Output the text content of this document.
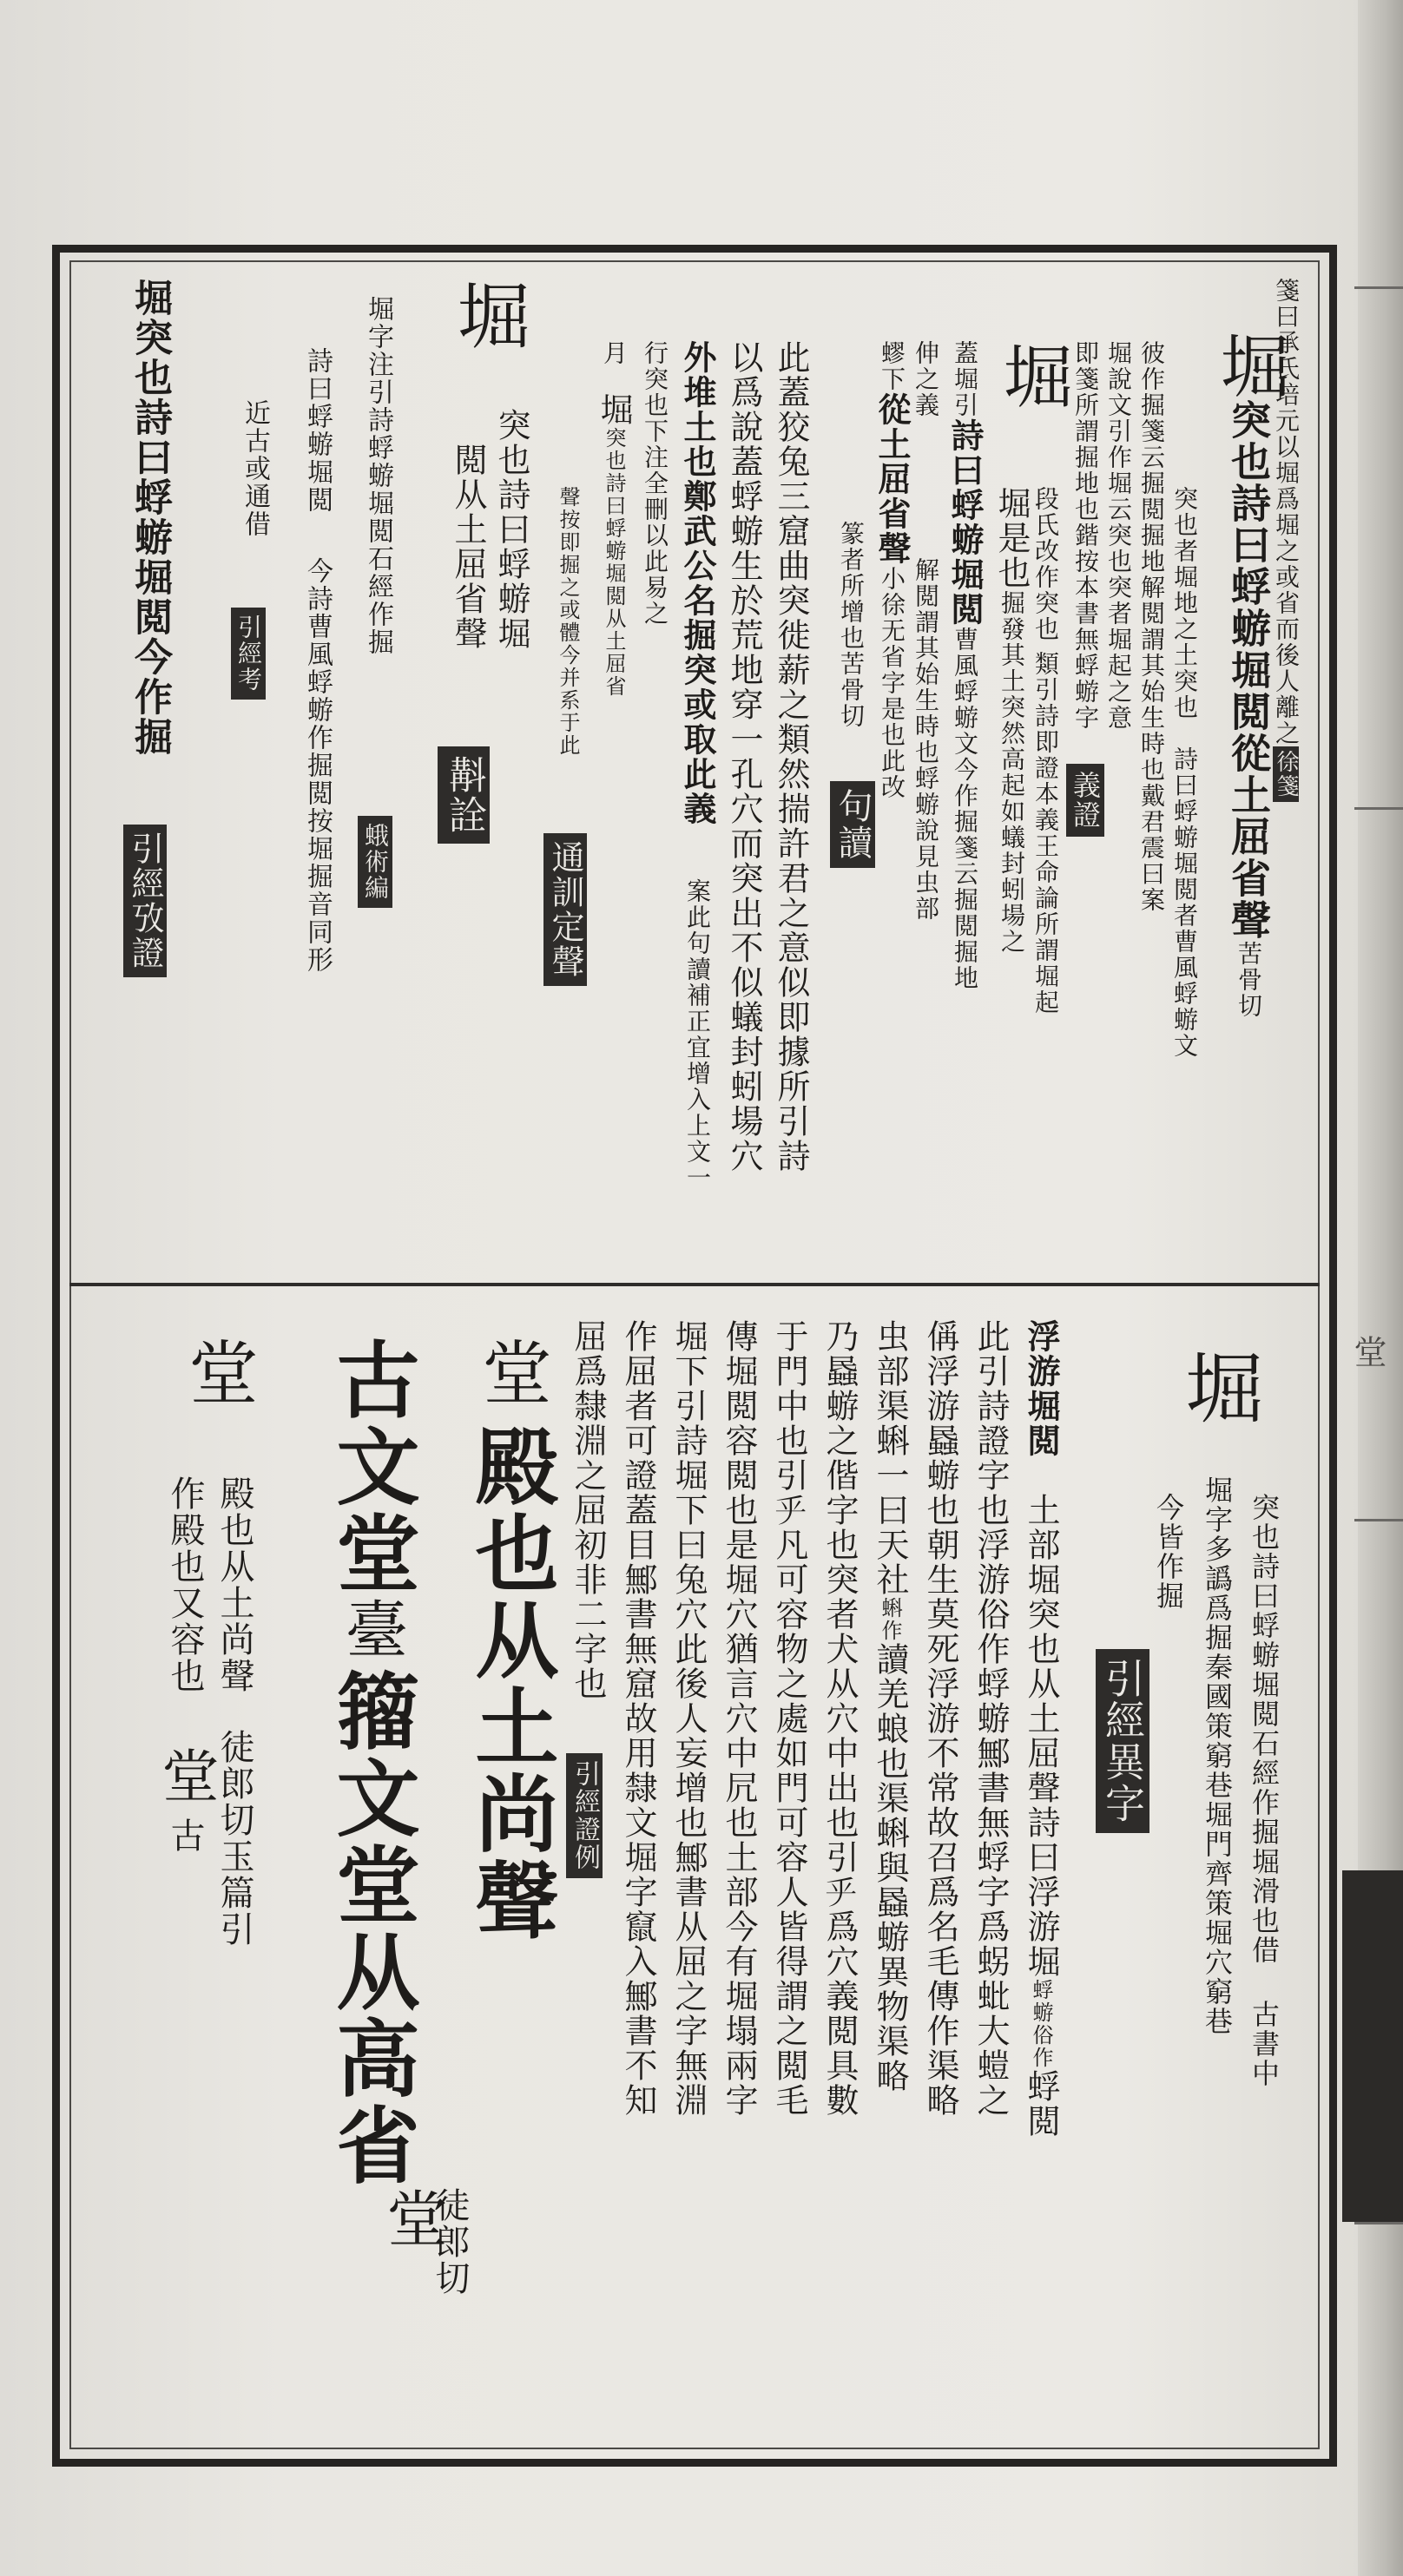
堂
箋曰承氏培元以堀爲堀之或省而後人離之徐箋
堀突也詩曰蜉蝣堀閲從土屈省聲苦骨切
突也者堀地之土突也詩曰蜉蝣堀閲者曹風蜉蝣文
彼作掘箋云掘閲掘地解閲謂其始生時也戴君震曰案
堀說文引作堀云突也突者堀起之意
即箋所謂掘地也鍇按本書無蜉蝣字
義證
堀
段氏改作突也類引詩即證本義王命論所謂堀起
堀是也掘發其土突然高起如蟻封蚓場之
蓋堀引詩曰蜉蝣堀閲曹風蜉蝣文今作掘箋云掘閲掘地
伸之義解閲謂其始生時也蜉蝣說見虫部
蟉下從土屈省聲小徐无省字是也此改
篆者所增也苦骨切
句讀
此蓋狡兔三窟曲突徙薪之類然揣許君之意似即據所引詩
以爲說蓋蜉蝣生於荒地穿一孔穴而突出不似蟻封蚓場穴
外堆土也鄭武公名掘突或取此義案此句讀補正宜增入上文一
行突也下注全刪以此易之
月堀突也詩曰蜉蝣堀閲从土屈省
聲按即掘之或體今并系于此
通訓定聲
堀
突也詩曰蜉蝣堀
閲从土屈省聲
斠詮
堀字注引詩蜉蝣堀閲石經作掘
蛾術編
詩曰蜉蝣堀閲今詩曹風蜉蝣作掘閲按堀掘音同形
近古或通借
引經考
堀突也詩曰蜉蝣堀閲今作掘
引經攷證
堀
突也詩曰蜉蝣堀閲石經作掘堀滑也借古書中
堀字多譌爲掘秦國策窮巷堀門齊策堀穴窮巷
今皆作掘
引經異字
浮游堀閲土部堀突也从土屈聲詩曰浮游堀蜉蝣俗作蜉閲
此引詩證字也浮游俗作蜉蝣鄦書無蜉字爲𧊅蚍大螘之
偁浮游蟁蝣也朝生莫死浮游不常故召爲名毛傳作渠略
虫部渠蝌一曰天社蝌作讀羌蜋也渠蝌與蟁蝣異物渠略
乃蟁蝣之偕字也突者犬从穴中出也引𠂟爲穴義閲具數
于門中也引𠂟凡可容物之處如門可容人皆得謂之閲毛
傳堀閲容閲也是堀穴猶言穴中凥也土部今有堀塌兩字
堀下引詩堀下曰兔穴此後人妄增也鄦書从屈之字無淵
作屈者可證蓋目鄦書無窟故用隸文堀字竄入鄦書不知
屈爲隸淵之屈初非二字也
引經證例
堂殿也从土尚聲
徒郎切
堂
古文堂臺籀文堂从高省
堂
殿也从土尚聲徒郎切玉篇引
作殿也又容也堂古
